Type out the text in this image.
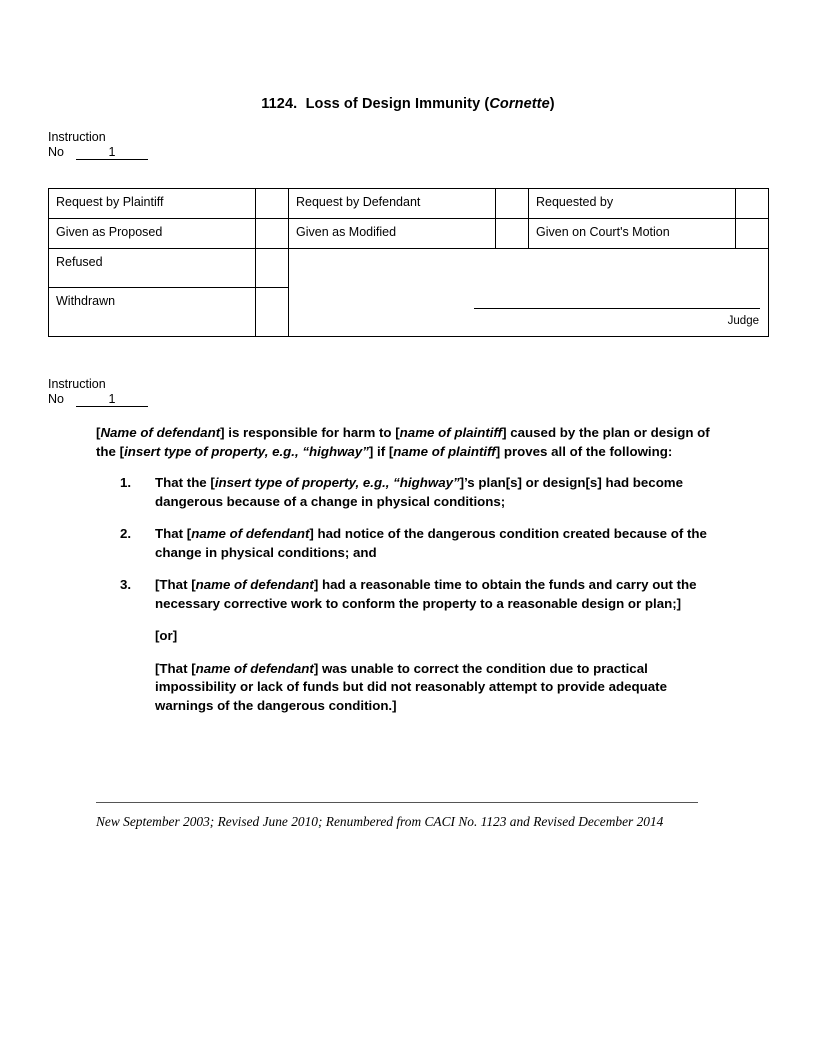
1124. Loss of Design Immunity (Cornette)
Instruction
No	1
Request by Plaintiff		Request by Defendant		Requested by	
Given as Proposed		Given as Modified		Given on Court's Motion	
Refused		Judge			

Withdrawn					
Instruction
No	1

[Name of defendant] is responsible for harm to [name of plaintiff] caused by the plan or design of the [insert type of property, e.g., “highway”] if [name of plaintiff] proves all of the following:

1. That the [insert type of property, e.g., “highway”]’s plan[s] or design[s] had become dangerous because of a change in physical conditions;
2. That [name of defendant] had notice of the dangerous condition created because of the change in physical conditions; and
3. [That [name of defendant] had a reasonable time to obtain the funds and carry out the necessary corrective work to conform the property to a reasonable design or plan;]
[or]
[That [name of defendant] was unable to correct the condition due to practical impossibility or lack of funds but did not reasonably attempt to provide adequate warnings of the dangerous condition.]
New September 2003; Revised June 2010; Renumbered from CACI No. 1123 and Revised December 2014
